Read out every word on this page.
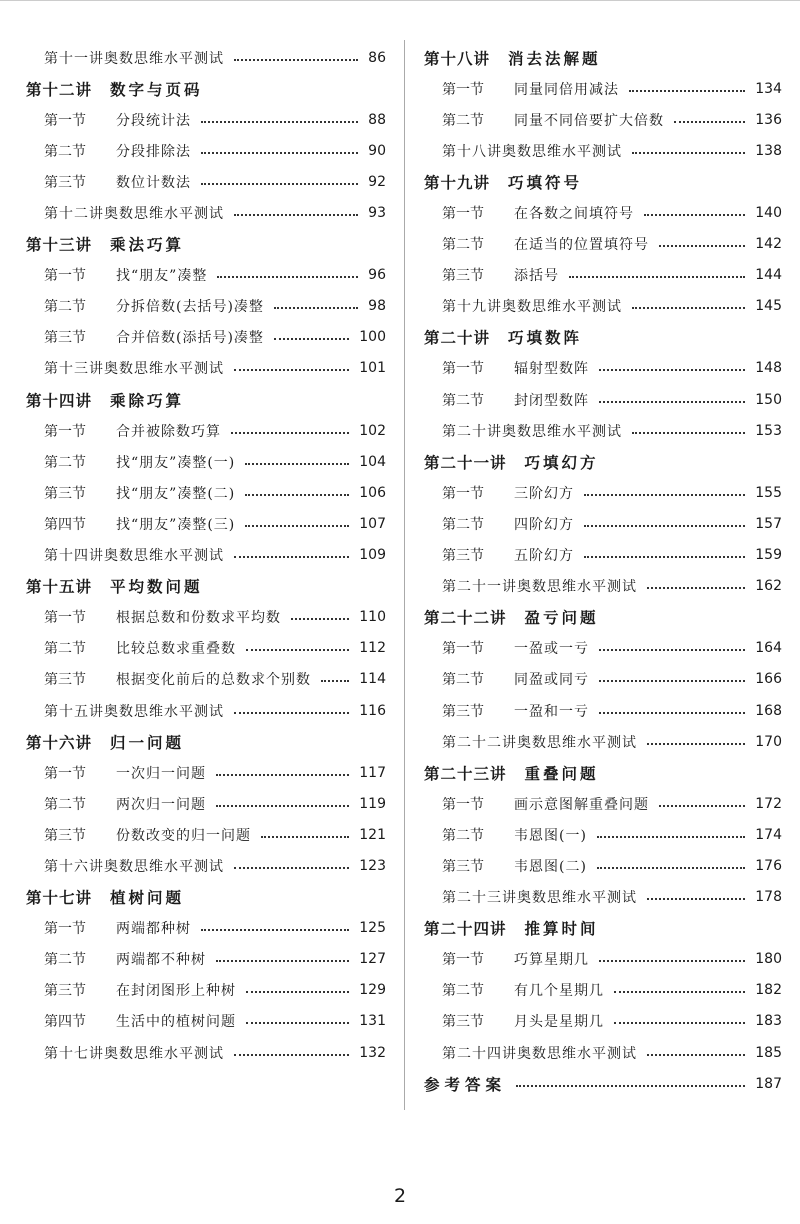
第十一讲奥数思维水平测试	86
第十二讲 数字与页码
第一节	分段统计法	88
第二节	分段排除法	90
第三节	数位计数法	92
第十二讲奥数思维水平测试	93
第十三讲 乘法巧算
第一节	找“朋友”凑整	96
第二节	分拆倍数(去括号)凑整	98
第三节	合并倍数(添括号)凑整	100
第十三讲奥数思维水平测试	101
第十四讲 乘除巧算
第一节	合并被除数巧算	102
第二节	找“朋友”凑整(一)	104
第三节	找“朋友”凑整(二)	106
第四节	找“朋友”凑整(三)	107
第十四讲奥数思维水平测试	109
第十五讲 平均数问题
第一节	根据总数和份数求平均数	110
第二节	比较总数求重叠数	112
第三节	根据变化前后的总数求个别数	114
第十五讲奥数思维水平测试	116
第十六讲 归一问题
第一节	一次归一问题	117
第二节	两次归一问题	119
第三节	份数改变的归一问题	121
第十六讲奥数思维水平测试	123
第十七讲 植树问题
第一节	两端都种树	125
第二节	两端都不种树	127
第三节	在封闭图形上种树	129
第四节	生活中的植树问题	131
第十七讲奥数思维水平测试	132
第十八讲 消去法解题
第一节	同量同倍用减法	134
第二节	同量不同倍要扩大倍数	136
第十八讲奥数思维水平测试	138
第十九讲 巧填符号
第一节	在各数之间填符号	140
第二节	在适当的位置填符号	142
第三节	添括号	144
第十九讲奥数思维水平测试	145
第二十讲 巧填数阵
第一节	辐射型数阵	148
第二节	封闭型数阵	150
第二十讲奥数思维水平测试	153
第二十一讲 巧填幻方
第一节	三阶幻方	155
第二节	四阶幻方	157
第三节	五阶幻方	159
第二十一讲奥数思维水平测试	162
第二十二讲 盈亏问题
第一节	一盈或一亏	164
第二节	同盈或同亏	166
第三节	一盈和一亏	168
第二十二讲奥数思维水平测试	170
第二十三讲 重叠问题
第一节	画示意图解重叠问题	172
第二节	韦恩图(一)	174
第三节	韦恩图(二)	176
第二十三讲奥数思维水平测试	178
第二十四讲 推算时间
第一节	巧算星期几	180
第二节	有几个星期几	182
第三节	月头是星期几	183
第二十四讲奥数思维水平测试	185
参考答案	187
2
